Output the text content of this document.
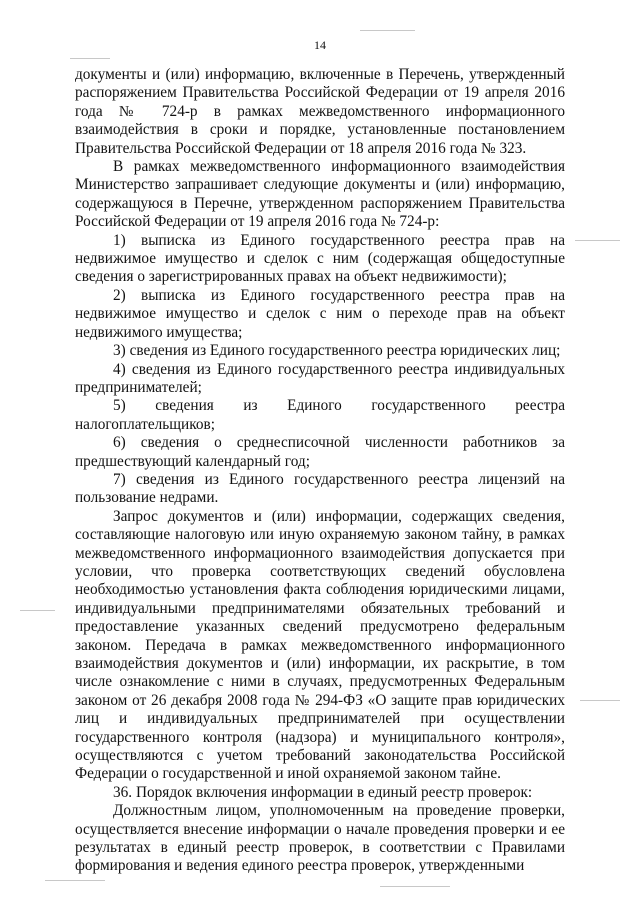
14

документы и (или) информацию, включенные в Перечень, утвержденный распоряжением Правительства Российской Федерации от 19 апреля 2016 года № 724-р в рамках межведомственного информационного взаимодействия в сроки и порядке, установленные постановлением Правительства Российской Федерации от 18 апреля 2016 года № 323.

В рамках межведомственного информационного взаимодействия Министерство запрашивает следующие документы и (или) информацию, содержащуюся в Перечне, утвержденном распоряжением Правительства Российской Федерации от 19 апреля 2016 года № 724-р:

1) выписка из Единого государственного реестра прав на недвижимое имущество и сделок с ним (содержащая общедоступные сведения о зарегистрированных правах на объект недвижимости);

2) выписка из Единого государственного реестра прав на недвижимое имущество и сделок с ним о переходе прав на объект недвижимого имущества;

3) сведения из Единого государственного реестра юридических лиц;

4) сведения из Единого государственного реестра индивидуальных предпринимателей;

5) сведения из Единого государственного реестра налогоплательщиков;

6) сведения о среднесписочной численности работников за предшествующий календарный год;

7) сведения из Единого государственного реестра лицензий на пользование недрами.

Запрос документов и (или) информации, содержащих сведения, составляющие налоговую или иную охраняемую законом тайну, в рамках межведомственного информационного взаимодействия допускается при условии, что проверка соответствующих сведений обусловлена необходимостью установления факта соблюдения юридическими лицами, индивидуальными предпринимателями обязательных требований и предоставление указанных сведений предусмотрено федеральным законом. Передача в рамках межведомственного информационного взаимодействия документов и (или) информации, их раскрытие, в том числе ознакомление с ними в случаях, предусмотренных Федеральным законом от 26 декабря 2008 года № 294-ФЗ «О защите прав юридических лиц и индивидуальных предпринимателей при осуществлении государственного контроля (надзора) и муниципального контроля», осуществляются с учетом требований законодательства Российской Федерации о государственной и иной охраняемой законом тайне.

36. Порядок включения информации в единый реестр проверок:

Должностным лицом, уполномоченным на проведение проверки, осуществляется внесение информации о начале проведения проверки и ее результатах в единый реестр проверок, в соответствии с Правилами формирования и ведения единого реестра проверок, утвержденными
